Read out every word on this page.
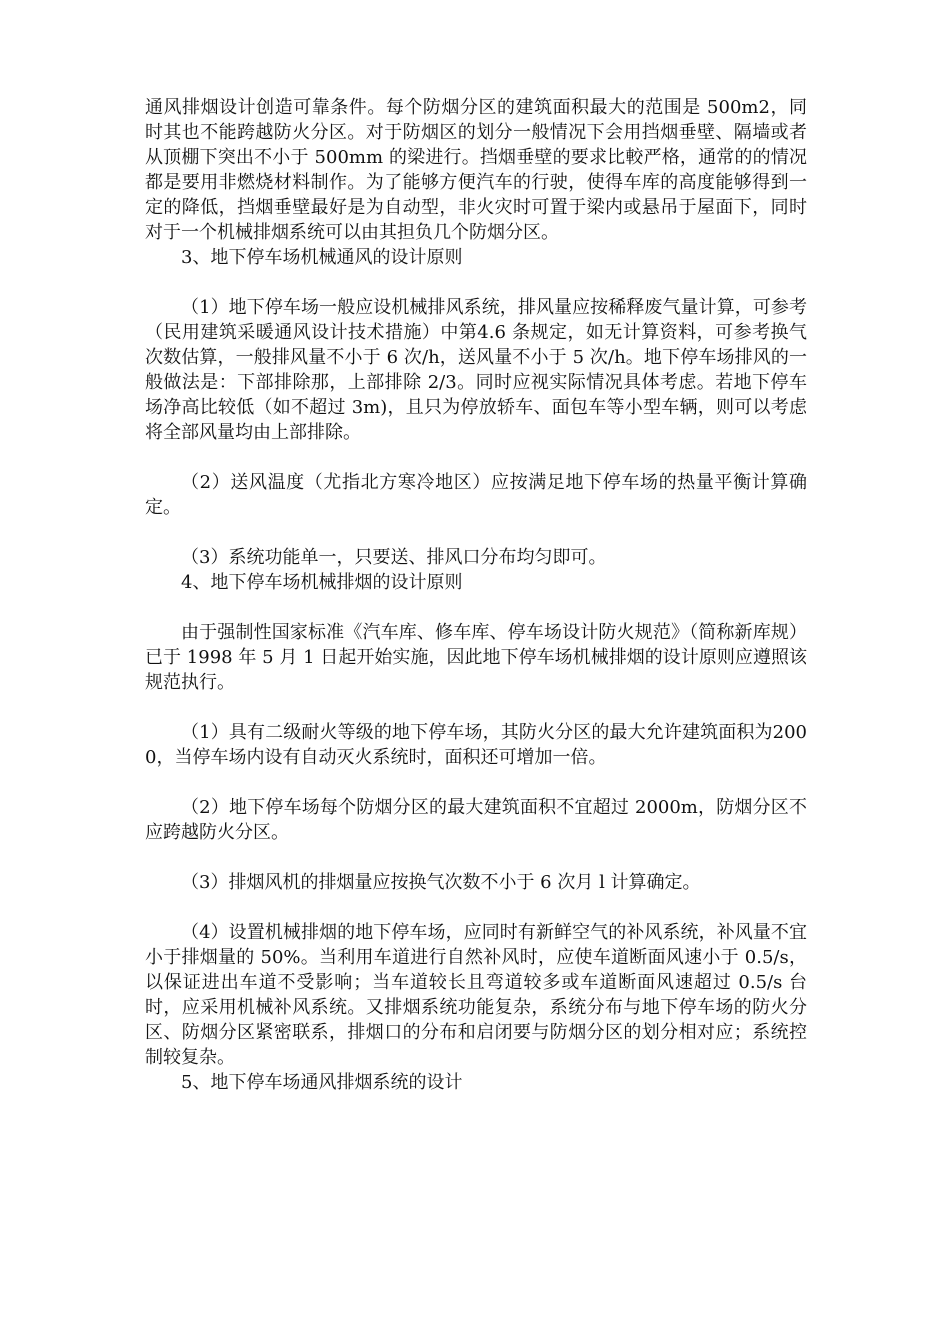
通风排烟设计创造可靠条件。每个防烟分区的建筑面积最大的范围是 500m2，同时其也不能跨越防火分区。对于防烟区的划分一般情况下会用挡烟垂壁、隔墙或者从顶棚下突出不小于 500mm 的梁进行。挡烟垂壁的要求比較严格，通常的的情况都是要用非燃烧材料制作。为了能够方便汽车的行驶，使得车库的高度能够得到一定的降低，挡烟垂壁最好是为自动型，非火灾时可置于梁内或悬吊于屋面下，同时对于一个机械排烟系统可以由其担负几个防烟分区。

3、地下停车场机械通风的设计原则

（1）地下停车场一般应设机械排风系统，排风量应按稀释废气量计算，可参考（民用建筑采暖通风设计技术措施）中第4.6 条规定，如无计算资料，可参考换气次数估算，一般排风量不小于 6 次/h，送风量不小于 5 次/h。地下停车场排风的一般做法是：下部排除那，上部排除 2/3。同时应视实际情况具体考虑。若地下停车场净高比较低（如不超过 3m)，且只为停放轿车、面包车等小型车辆，则可以考虑将全部风量均由上部排除。

（2）送风温度（尤指北方寒冷地区）应按满足地下停车场的热量平衡计算确定。

（3）系统功能单一，只要送、排风口分布均匀即可。

4、地下停车场机械排烟的设计原则

由于强制性国家标准《汽车库、修车库、停车场设计防火规范》（简称新库规）已于 1998 年 5 月 1 日起开始实施，因此地下停车场机械排烟的设计原则应遵照该规范执行。

（1）具有二级耐火等级的地下停车场，其防火分区的最大允许建筑面积为2000，当停车场内设有自动灭火系统时，面积还可增加一倍。

（2）地下停车场每个防烟分区的最大建筑面积不宜超过 2000m，防烟分区不应跨越防火分区。

（3）排烟风机的排烟量应按换气次数不小于 6 次月 l 计算确定。

（4）设置机械排烟的地下停车场，应同时有新鲜空气的补风系统，补风量不宜小于排烟量的 50%。当利用车道进行自然补风时，应使车道断面风速小于 0.5/s，以保证进出车道不受影响；当车道较长且弯道较多或车道断面风速超过 0.5/s 台时，应采用机械补风系统。又排烟系统功能复杂，系统分布与地下停车场的防火分区、防烟分区紧密联系，排烟口的分布和启闭要与防烟分区的划分相对应；系统控制较复杂。

5、地下停车场通风排烟系统的设计
